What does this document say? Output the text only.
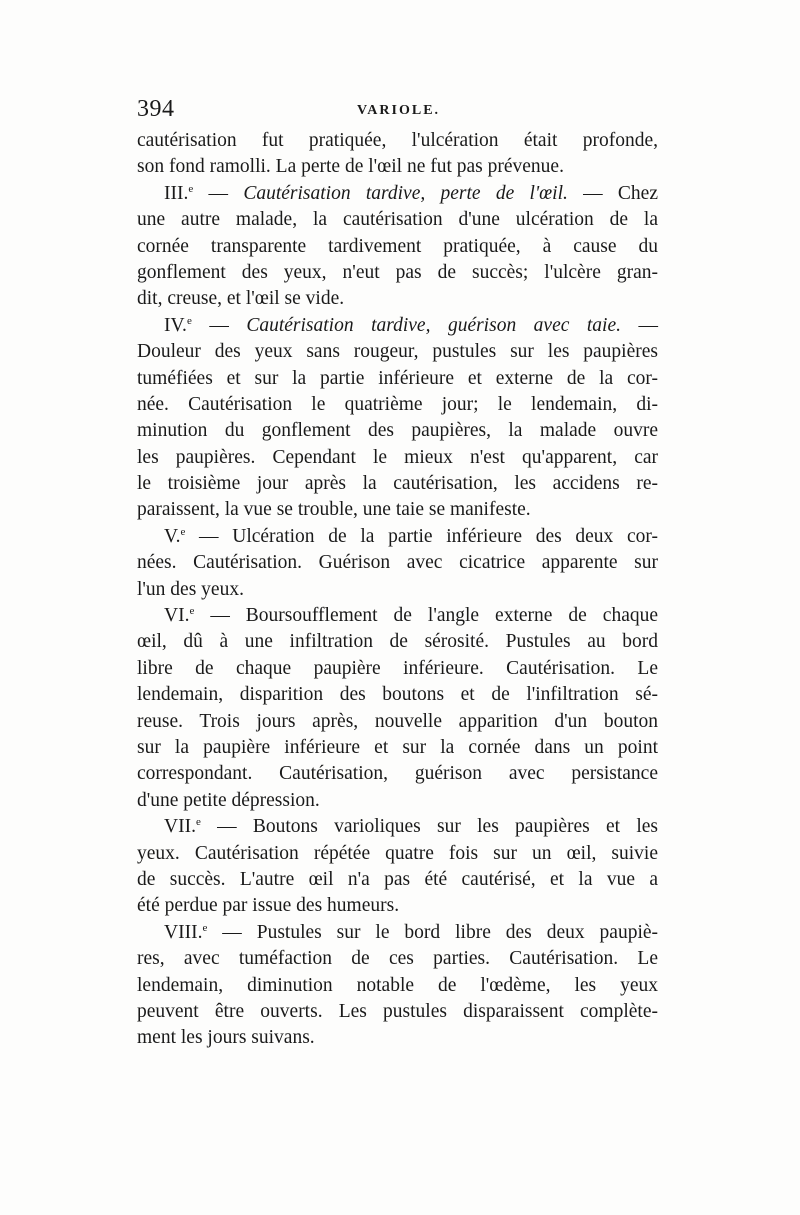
394	VARIOLE.
cautérisation fut pratiquée, l'ulcération était profonde,
son fond ramolli. La perte de l'œil ne fut pas prévenue.
III.$^e$ — Cautérisation tardive, perte de l'œil. — Chez
une autre malade, la cautérisation d'une ulcération de la
cornée transparente tardivement pratiquée, à cause du
gonflement des yeux, n'eut pas de succès; l'ulcère gran-
dit, creuse, et l'œil se vide.
IV.$^e$ — Cautérisation tardive, guérison avec taie. —
Douleur des yeux sans rougeur, pustules sur les paupières
tuméfiées et sur la partie inférieure et externe de la cor-
née. Cautérisation le quatrième jour; le lendemain, di-
minution du gonflement des paupières, la malade ouvre
les paupières. Cependant le mieux n'est qu'apparent, car
le troisième jour après la cautérisation, les accidens re-
paraissent, la vue se trouble, une taie se manifeste.
V.$^e$ — Ulcération de la partie inférieure des deux cor-
nées. Cautérisation. Guérison avec cicatrice apparente sur
l'un des yeux.
VI.$^e$ — Boursoufflement de l'angle externe de chaque
œil, dû à une infiltration de sérosité. Pustules au bord
libre de chaque paupière inférieure. Cautérisation. Le
lendemain, disparition des boutons et de l'infiltration sé-
reuse. Trois jours après, nouvelle apparition d'un bouton
sur la paupière inférieure et sur la cornée dans un point
correspondant. Cautérisation, guérison avec persistance
d'une petite dépression.
VII.$^e$ — Boutons varioliques sur les paupières et les
yeux. Cautérisation répétée quatre fois sur un œil, suivie
de succès. L'autre œil n'a pas été cautérisé, et la vue a
été perdue par issue des humeurs.
VIII.$^e$ — Pustules sur le bord libre des deux paupiè-
res, avec tuméfaction de ces parties. Cautérisation. Le
lendemain, diminution notable de l'œdème, les yeux
peuvent être ouverts. Les pustules disparaissent complète-
ment les jours suivans.
